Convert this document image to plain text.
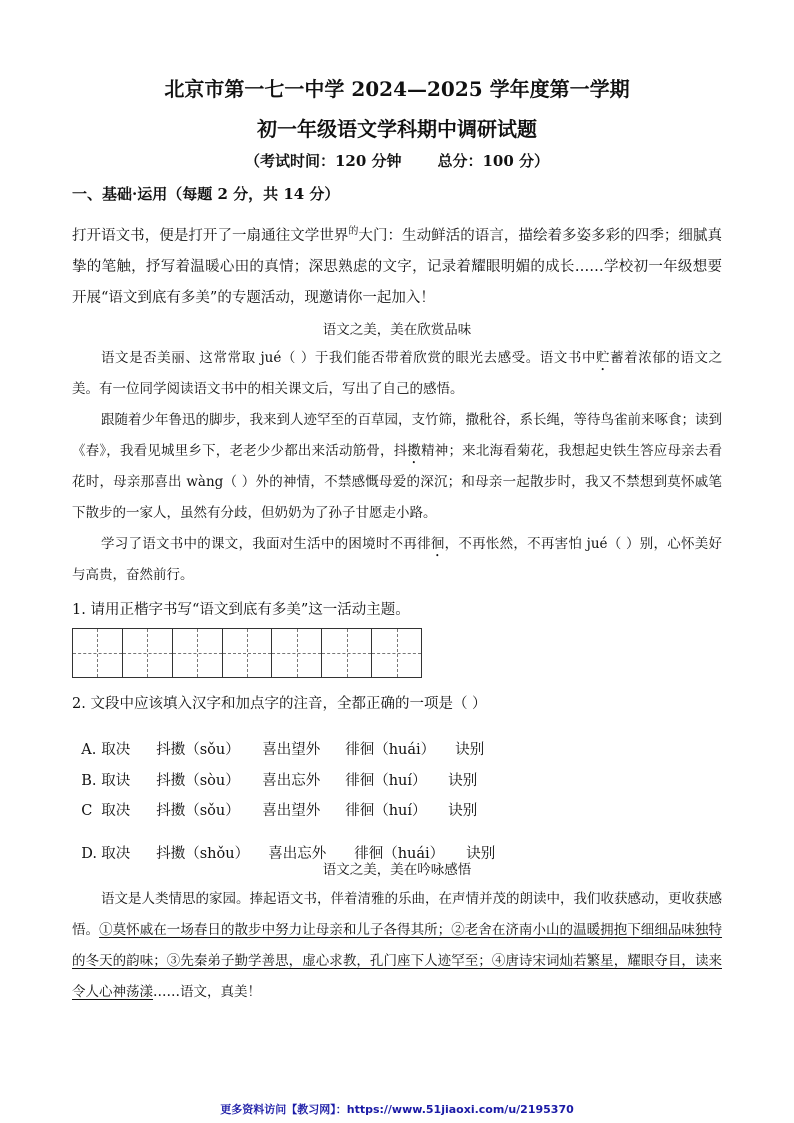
北京市第一七一中学 2024—2025 学年度第一学期
初一年级语文学科期中调研试题
（考试时间：120 分钟 总分：100 分）
一、基础·运用（每题 2 分，共 14 分）
打开语文书，便是打开了一扇通往文学世界$^的$大门：生动鲜活的语言，描绘着多姿多彩的四季；细腻真挚的笔触，抒写着温暖心田的真情；深思熟虑的文字，记录着耀眼明媚的成长……学校初一年级想要开展“语文到底有多美”的专题活动，现邀请你一起加入！
语文之美，美在欣赏品味
语文是否美丽、这常常取 jué（ ）于我们能否带着欣赏的眼光去感受。语文书中贮蓄着浓郁的语文之美。有一位同学阅读语文书中的相关课文后，写出了自己的感悟。
跟随着少年鲁迅的脚步，我来到人迹罕至的百草园，支竹筛，撒秕谷，系长绳，等待鸟雀前来啄食；读到《春》，我看见城里乡下，老老少少都出来活动筋骨，抖擞精神；来北海看菊花，我想起史铁生答应母亲去看花时，母亲那喜出 wàng（ ）外的神情，不禁感慨母爱的深沉；和母亲一起散步时，我又不禁想到莫怀戚笔下散步的一家人，虽然有分歧，但奶奶为了孙子甘愿走小路。
学习了语文书中的课文，我面对生活中的困境时不再徘徊，不再怅然，不再害怕 jué（ ）别，心怀美好与高贵，奋然前行。
1. 请用正楷字书写“语文到底有多美”这一活动主题。
2. 文段中应该填入汉字和加点字的注音，全都正确的一项是（ ）

A. 取决 抖擞（sǒu） 喜出望外 徘徊（huái） 诀别

B. 取诀 抖擞（sòu） 喜出忘外 徘徊（huí） 诀别

C 取决 抖擞（sǒu） 喜出望外 徘徊（huí） 诀别

D. 取决 抖擞（shǒu） 喜出忘外 徘徊（huái） 诀别

语文之美，美在吟咏感悟
语文是人类情思的家园。捧起语文书，伴着清雅的乐曲，在声情并茂的朗读中，我们收获感动，更收获感悟。①莫怀戚在一场春日的散步中努力让母亲和儿子各得其所；②老舍在济南小山的温暖拥抱下细细品味独特的冬天的韵味；③先秦弟子勤学善思，虚心求教，孔门座下人迹罕至；④唐诗宋词灿若繁星，耀眼夺目，读来令人心神荡漾……语文，真美！
更多资料访问【教习网】：https://www.51jiaoxi.com/u/2195370
